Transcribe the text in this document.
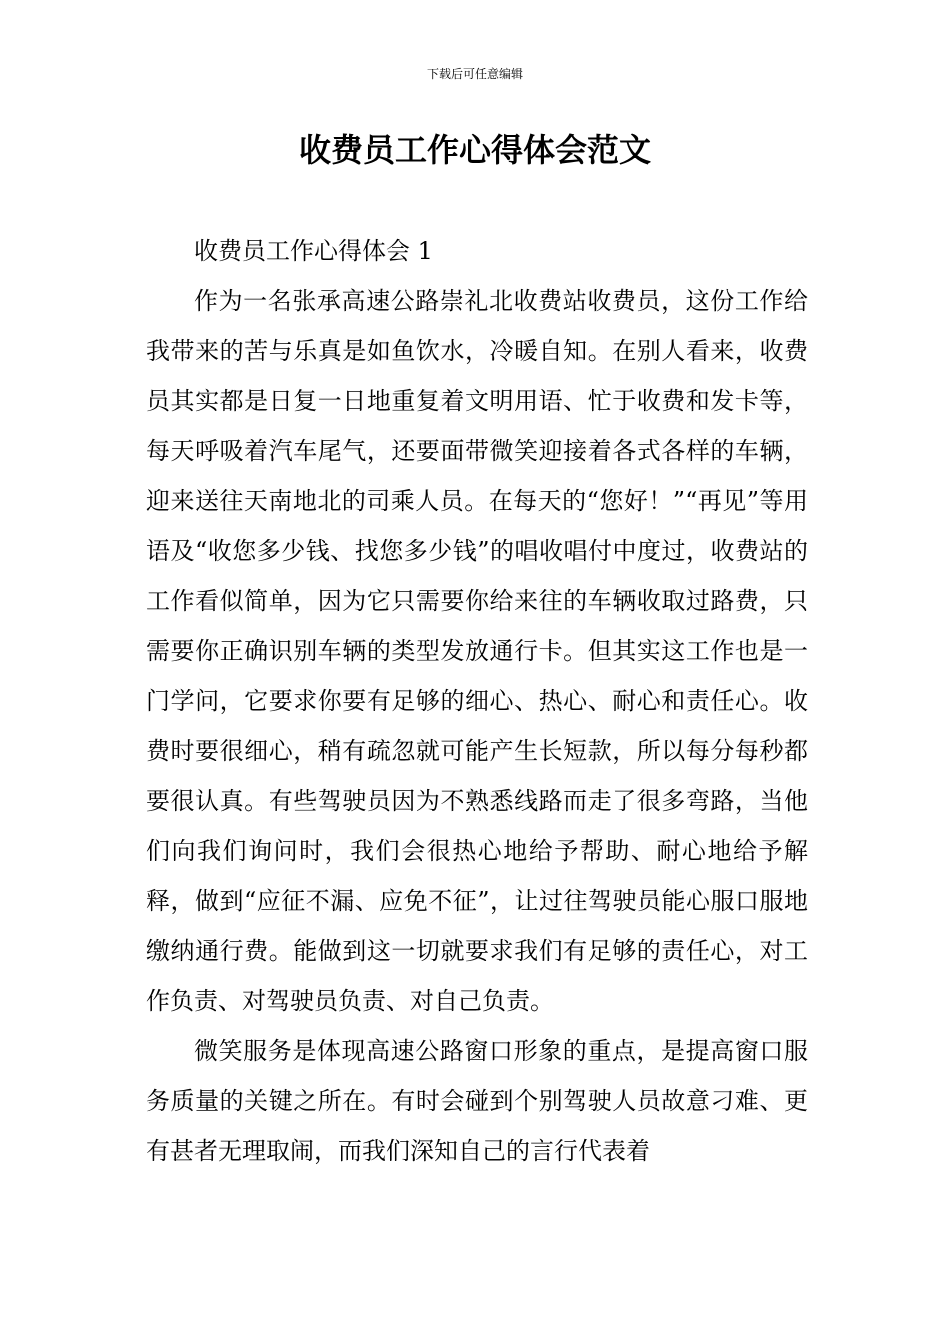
下载后可任意编辑
收费员工作心得体会范文

收费员工作心得体会 1

作为一名张承高速公路崇礼北收费站收费员，这份工作给我带来的苦与乐真是如鱼饮水，冷暖自知。在别人看来，收费员其实都是日复一日地重复着文明用语、忙于收费和发卡等，每天呼吸着汽车尾气，还要面带微笑迎接着各式各样的车辆，迎来送往天南地北的司乘人员。在每天的“您好！”“再见”等用语及“收您多少钱、找您多少钱”的唱收唱付中度过，收费站的工作看似简单，因为它只需要你给来往的车辆收取过路费，只需要你正确识别车辆的类型发放通行卡。但其实这工作也是一门学问，它要求你要有足够的细心、热心、耐心和责任心。收费时要很细心，稍有疏忽就可能产生长短款，所以每分每秒都要很认真。有些驾驶员因为不熟悉线路而走了很多弯路，当他们向我们询问时，我们会很热心地给予帮助、耐心地给予解释，做到“应征不漏、应免不征”，让过往驾驶员能心服口服地缴纳通行费。能做到这一切就要求我们有足够的责任心，对工作负责、对驾驶员负责、对自己负责。

微笑服务是体现高速公路窗口形象的重点，是提高窗口服务质量的关键之所在。有时会碰到个别驾驶人员故意刁难、更有甚者无理取闹，而我们深知自己的言行代表着
